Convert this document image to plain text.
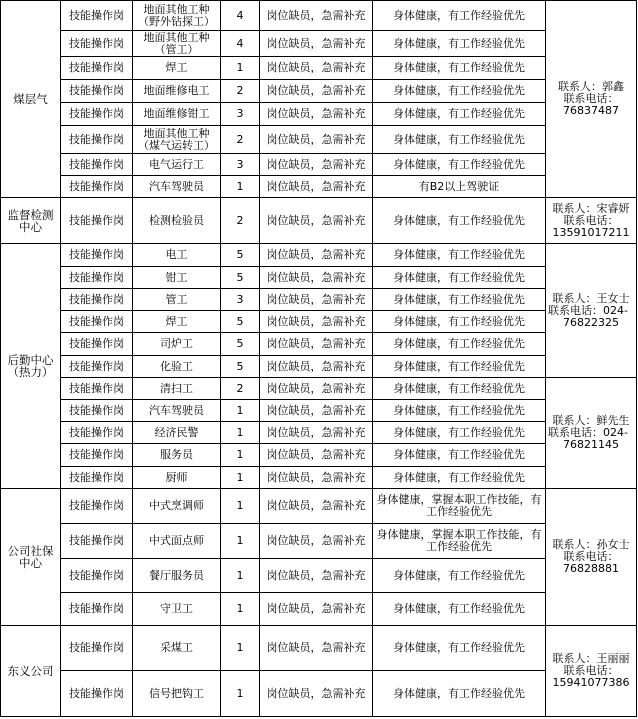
煤层气	技能操作岗	地面其他工种（野外钻探工）	4	岗位缺员，急需补充	身体健康，有工作经验优先	联系人：郭鑫
联系电话：
76837487

	技能操作岗	地面其他工种（管工）	4	岗位缺员，急需补充	身体健康，有工作经验优先	
	技能操作岗	焊工	1	岗位缺员，急需补充	身体健康，有工作经验优先	
	技能操作岗	地面维修电工	2	岗位缺员，急需补充	身体健康，有工作经验优先	
	技能操作岗	地面维修钳工	3	岗位缺员，急需补充	身体健康，有工作经验优先	
	技能操作岗	地面其他工种（煤气运转工）	2	岗位缺员，急需补充	身体健康，有工作经验优先	
	技能操作岗	电气运行工	3	岗位缺员，急需补充	身体健康，有工作经验优先	
	技能操作岗	汽车驾驶员	1	岗位缺员，急需补充	有B2以上驾驶证	
监督检测中心	技能操作岗	检测检验员	2	岗位缺员，急需补充	身体健康，有工作经验优先	联系人：宋睿妍
联系电话：
13591017211

后勤中心（热力）	技能操作岗	电工	5	岗位缺员，急需补充	身体健康，有工作经验优先	联系人：王女士
联系电话：024-
76822325

	技能操作岗	钳工	5	岗位缺员，急需补充	身体健康，有工作经验优先	
	技能操作岗	管工	3	岗位缺员，急需补充	身体健康，有工作经验优先	
	技能操作岗	焊工	5	岗位缺员，急需补充	身体健康，有工作经验优先	
	技能操作岗	司炉工	5	岗位缺员，急需补充	身体健康，有工作经验优先	
	技能操作岗	化验工	5	岗位缺员，急需补充	身体健康，有工作经验优先	
	技能操作岗	清扫工	2	岗位缺员，急需补充	身体健康，有工作经验优先	联系人：鲜先生
联系电话：024-
76821145

	技能操作岗	汽车驾驶员	1	岗位缺员，急需补充	身体健康，有工作经验优先	
	技能操作岗	经济民警	1	岗位缺员，急需补充	身体健康，有工作经验优先	
	技能操作岗	服务员	1	岗位缺员，急需补充	身体健康，有工作经验优先	
	技能操作岗	厨师	1	岗位缺员，急需补充	身体健康，有工作经验优先	
公司社保中心	技能操作岗	中式烹调师	1	岗位缺员，急需补充	身体健康，掌握本职工作技能，有工作经验优先	联系人：孙女士
联系电话：
76828881

	技能操作岗	中式面点师	1	岗位缺员，急需补充	身体健康，掌握本职工作技能，有工作经验优先	
	技能操作岗	餐厅服务员	1	岗位缺员，急需补充	身体健康，有工作经验优先	
	技能操作岗	守卫工	1	岗位缺员，急需补充	身体健康，有工作经验优先	
东义公司	技能操作岗	采煤工	1	岗位缺员，急需补充	身体健康，有工作经验优先	联系人：王丽丽
联系电话：
15941077386

	技能操作岗	信号把钩工	1	岗位缺员，急需补充	身体健康，有工作经验优先	
